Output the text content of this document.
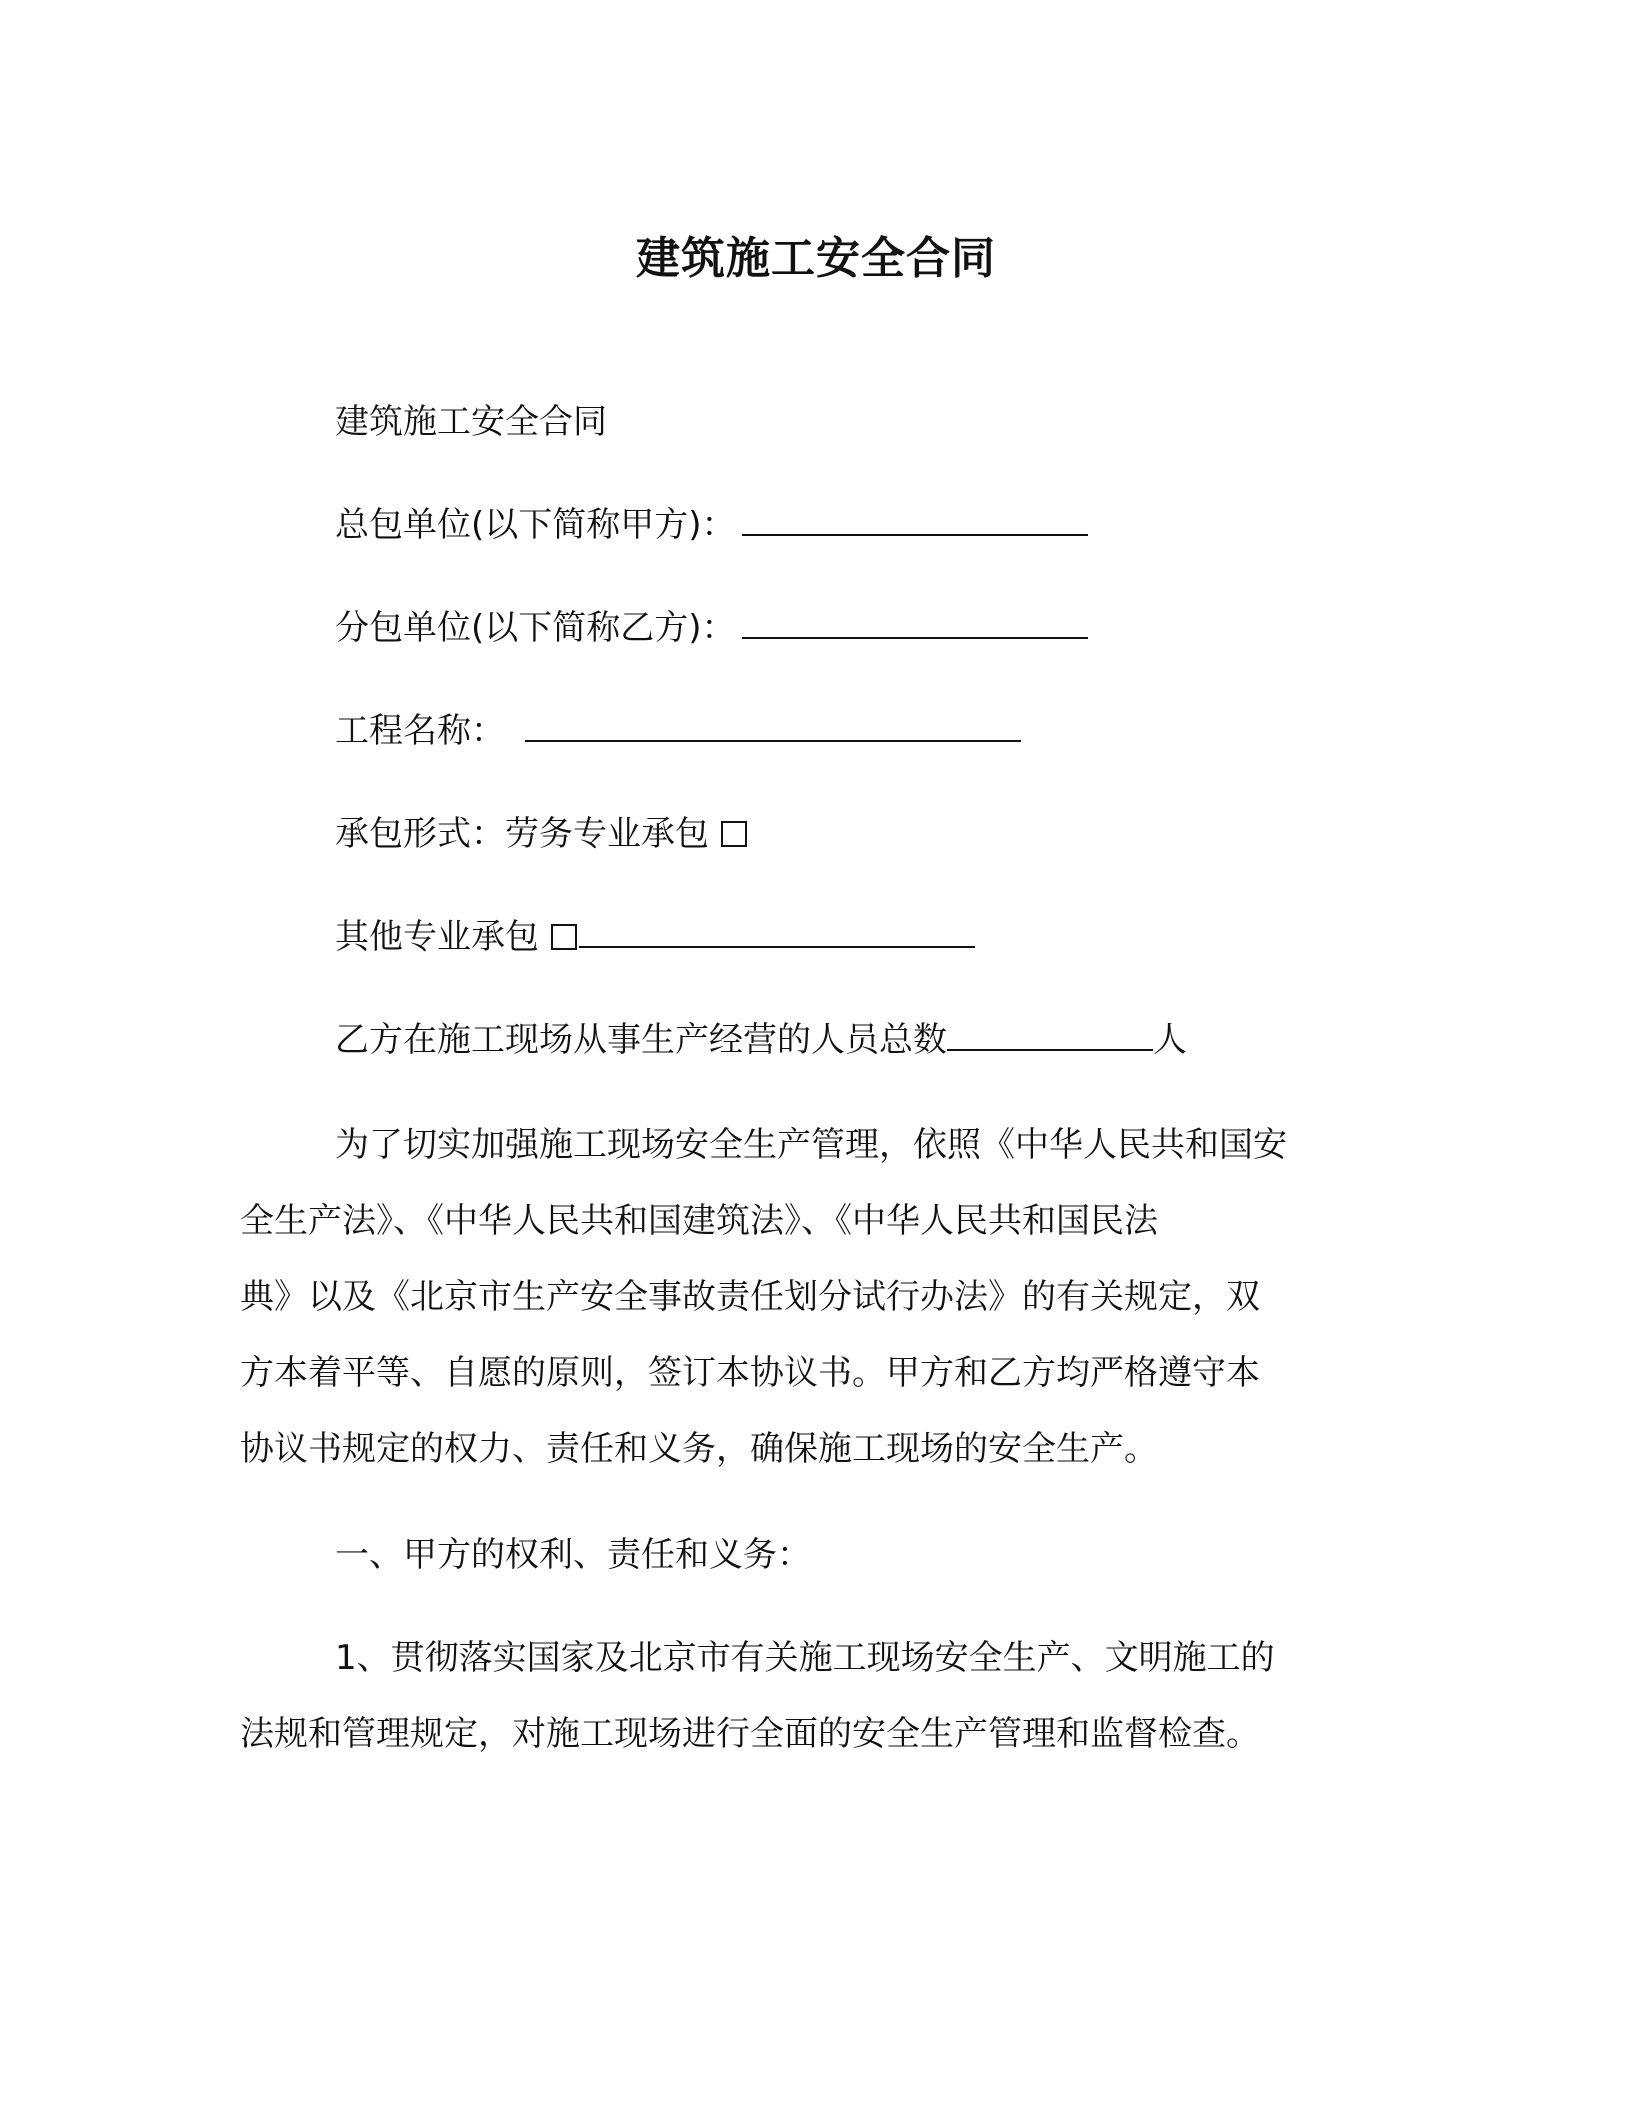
建筑施工安全合同
建筑施工安全合同
总包单位(以下简称甲方)：
分包单位(以下简称乙方)：
工程名称：
承包形式：劳务专业承包
其他专业承包
乙方在施工现场从事生产经营的人员总数	人
为了切实加强施工现场安全生产管理，依照《中华人民共和国安
全生产法》、《中华人民共和国建筑法》、《中华人民共和国民法
典》以及《北京市生产安全事故责任划分试行办法》的有关规定，双
方本着平等、自愿的原则，签订本协议书。甲方和乙方均严格遵守本
协议书规定的权力、责任和义务，确保施工现场的安全生产。
一、甲方的权利、责任和义务：
1、贯彻落实国家及北京市有关施工现场安全生产、文明施工的
法规和管理规定，对施工现场进行全面的安全生产管理和监督检查。
